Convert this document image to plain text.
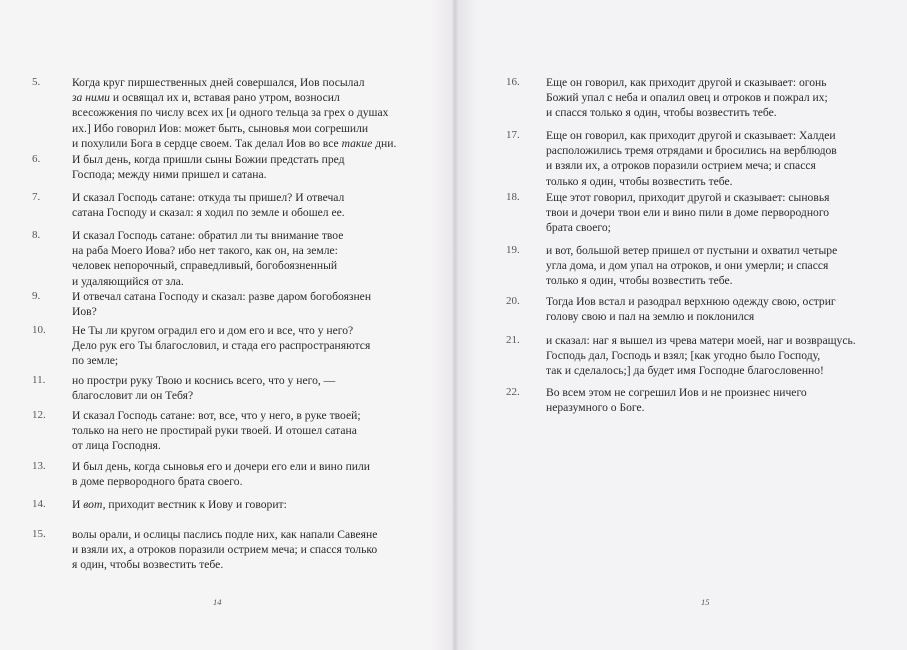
5.	Когда круг пиршественных дней совершался, Иов посылал
за ними и освящал их и, вставая рано утром, возносил
всесожжения по числу всех их [и одного тельца за грех о душах
их.] Ибо говорил Иов: может быть, сыновья мои согрешили
и похулили Бога в сердце своем. Так делал Иов во все такие дни.
6.	И был день, когда пришли сыны Божии предстать пред
Господа; между ними пришел и сатана.
7.	И сказал Господь сатане: откуда ты пришел? И отвечал
сатана Господу и сказал: я ходил по земле и обошел ее.
8.	И сказал Господь сатане: обратил ли ты внимание твое
на раба Моего Иова? ибо нет такого, как он, на земле:
человек непорочный, справедливый, богобоязненный
и удаляющийся от зла.
9.	И отвечал сатана Господу и сказал: разве даром богобоязнен
Иов?
10.	Не Ты ли кругом оградил его и дом его и все, что у него?
Дело рук его Ты благословил, и стада его распространяются
по земле;
11.	но простри руку Твою и коснись всего, что у него, —
благословит ли он Тебя?
12.	И сказал Господь сатане: вот, все, что у него, в руке твоей;
только на него не простирай руки твоей. И отошел сатана
от лица Господня.
13.	И был день, когда сыновья его и дочери его ели и вино пили
в доме первородного брата своего.
14.	И вот, приходит вестник к Иову и говорит:
15.	волы орали, и ослицы паслись подле них, как напали Савеяне
и взяли их, а отроков поразили острием меча; и спасся только
я один, чтобы возвестить тебе.
14
16.	Еще он говорил, как приходит другой и сказывает: огонь
Божий упал с неба и опалил овец и отроков и пожрал их;
и спасся только я один, чтобы возвестить тебе.
17.	Еще он говорил, как приходит другой и сказывает: Халдеи
расположились тремя отрядами и бросились на верблюдов
и взяли их, а отроков поразили острием меча; и спасся
только я один, чтобы возвестить тебе.
18.	Еще этот говорил, приходит другой и сказывает: сыновья
твои и дочери твои ели и вино пили в доме первородного
брата своего;
19.	и вот, большой ветер пришел от пустыни и охватил четыре
угла дома, и дом упал на отроков, и они умерли; и спасся
только я один, чтобы возвестить тебе.
20.	Тогда Иов встал и разодрал верхнюю одежду свою, остриг
голову свою и пал на землю и поклонился
21.	и сказал: наг я вышел из чрева матери моей, наг и возвращусь.
Господь дал, Господь и взял; [как угодно было Господу,
так и сделалось;] да будет имя Господне благословенно!
22.	Во всем этом не согрешил Иов и не произнес ничего
неразумного о Боге.
15
